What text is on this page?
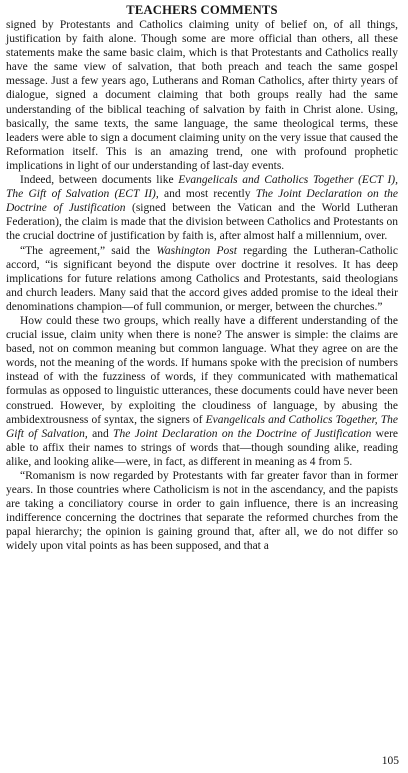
TEACHERS COMMENTS

signed by Protestants and Catholics claiming unity of belief on, of all things, justification by faith alone. Though some are more official than others, all these statements make the same basic claim, which is that Protestants and Catholics really have the same view of salvation, that both preach and teach the same gospel message. Just a few years ago, Lutherans and Roman Catholics, after thirty years of dialogue, signed a document claiming that both groups really had the same understanding of the biblical teaching of salvation by faith in Christ alone. Using, basically, the same texts, the same language, the same theological terms, these leaders were able to sign a document claiming unity on the very issue that caused the Reformation itself. This is an amazing trend, one with profound prophetic implications in light of our understanding of last-day events.

Indeed, between documents like Evangelicals and Catholics Together (ECT I), The Gift of Salvation (ECT II), and most recently The Joint Declaration on the Doctrine of Justification (signed between the Vatican and the World Lutheran Federation), the claim is made that the division between Catholics and Protestants on the crucial doctrine of justification by faith is, after almost half a millennium, over.

“The agreement,” said the Washington Post regarding the Lutheran-Catholic accord, “is significant beyond the dispute over doctrine it resolves. It has deep implications for future relations among Catholics and Protestants, said theologians and church leaders. Many said that the accord gives added promise to the ideal their denominations champion—of full communion, or merger, between the churches.”

How could these two groups, which really have a different understanding of the crucial issue, claim unity when there is none? The answer is simple: the claims are based, not on common meaning but common language. What they agree on are the words, not the meaning of the words. If humans spoke with the precision of numbers instead of with the fuzziness of words, if they communicated with mathematical formulas as opposed to linguistic utterances, these documents could have never been construed. However, by exploiting the cloudiness of language, by abusing the ambidextrousness of syntax, the signers of Evangelicals and Catholics Together, The Gift of Salvation, and The Joint Declaration on the Doctrine of Justification were able to affix their names to strings of words that—though sounding alike, reading alike, and looking alike—were, in fact, as different in meaning as 4 from 5.

“Romanism is now regarded by Protestants with far greater favor than in former years. In those countries where Catholicism is not in the ascendancy, and the papists are taking a conciliatory course in order to gain influence, there is an increasing indifference concerning the doctrines that separate the reformed churches from the papal hierarchy; the opinion is gaining ground that, after all, we do not differ so widely upon vital points as has been supposed, and that a

105
